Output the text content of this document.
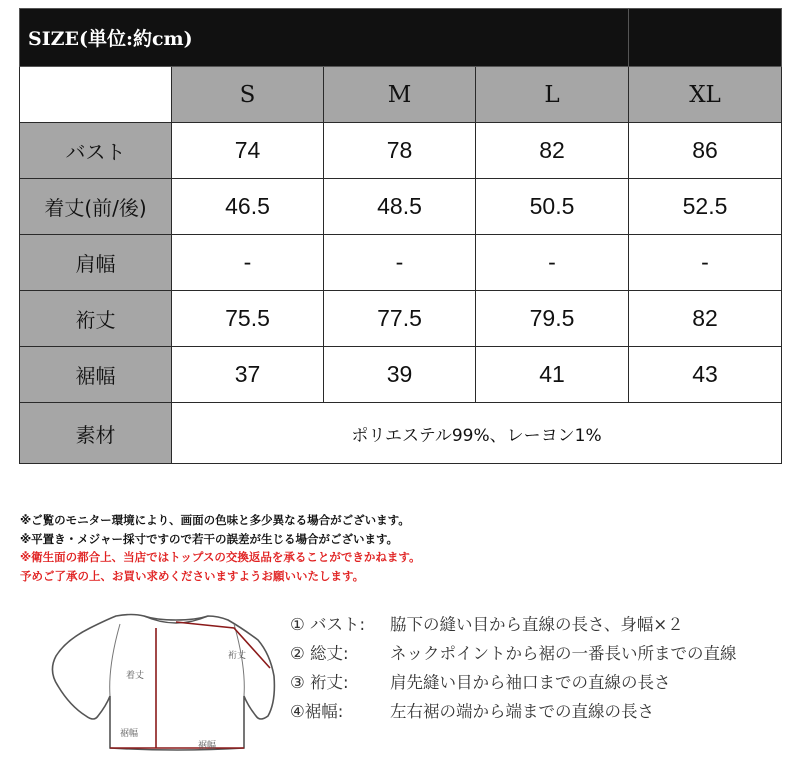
SIZE(単位:約cm)				
	S	M	L	XL
バスト	74	78	82	86
着丈(前/後)	46.5	48.5	50.5	52.5
肩幅	-	-	-	-
裄丈	75.5	77.5	79.5	82
裾幅	37	39	41	43
素材	ポリエステル99%、レーヨン1%			
※ご覧のモニター環境により、画面の色味と多少異なる場合がございます。
※平置き・メジャー採寸ですので若干の誤差が生じる場合がございます。
※衛生面の都合上、当店ではトップスの交換返品を承ることができかねます。
予めご了承の上、お買い求めくださいますようお願いいたします。
裄丈
着丈
裾幅
裾幅
① バスト: 脇下の縫い目から直線の長さ、身幅×２
② 総丈:	ネックポイントから裾の一番長い所までの直線
③ 裄丈:	肩先縫い目から袖口までの直線の長さ
④裾幅:	左右裾の端から端までの直線の長さ
